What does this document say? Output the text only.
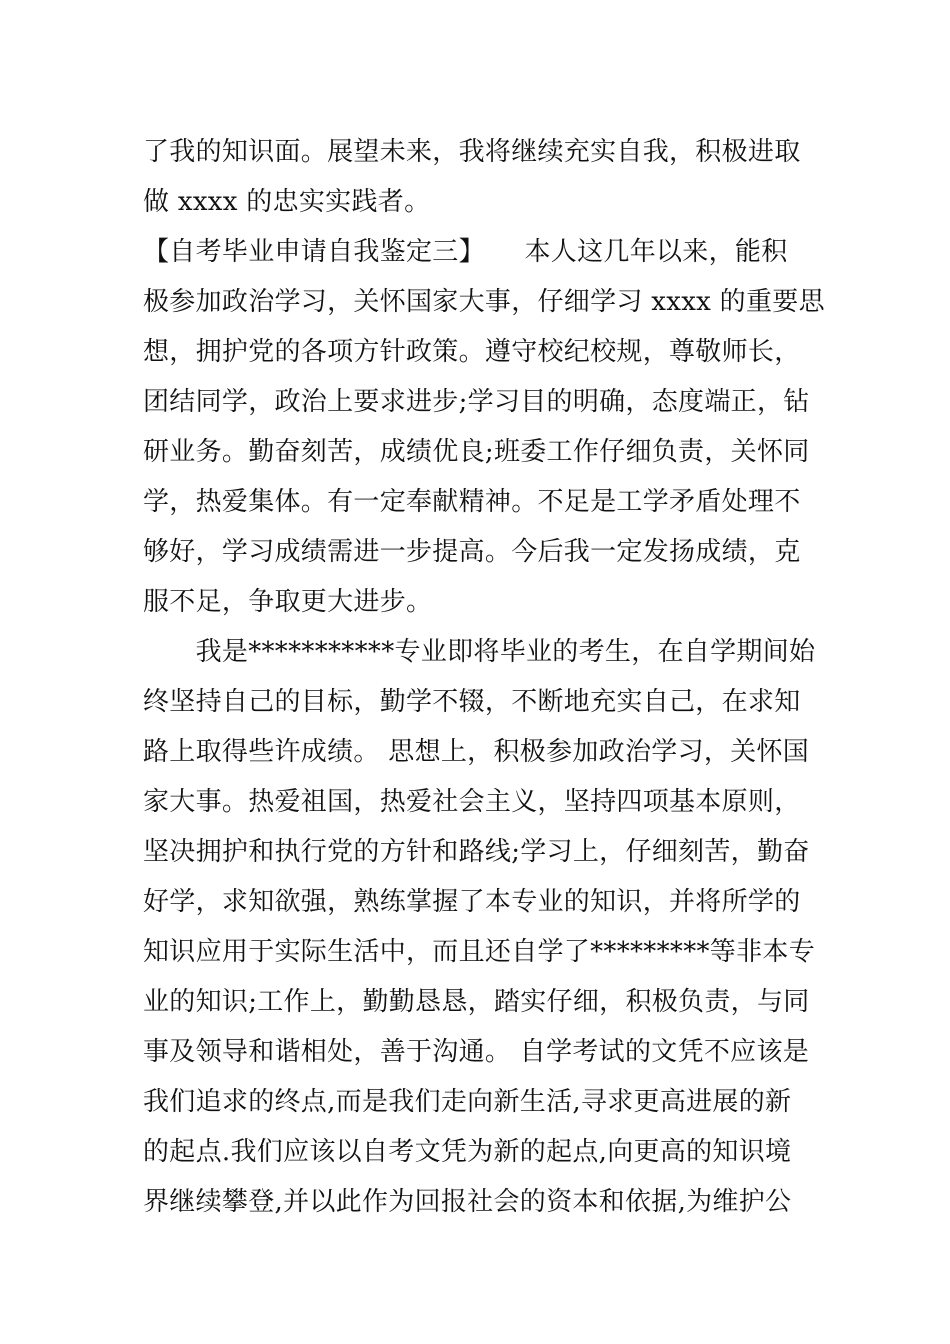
了我的知识面。展望未来，我将继续充实自我，积极进取
做 xxxx 的忠实实践者。
【自考毕业申请自我鉴定三】　　本人这几年以来，能积
极参加政治学习，关怀国家大事，仔细学习 xxxx 的重要思
想，拥护党的各项方针政策。遵守校纪校规，尊敬师长，
团结同学，政治上要求进步;学习目的明确，态度端正，钻
研业务。勤奋刻苦，成绩优良;班委工作仔细负责，关怀同
学，热爱集体。有一定奉献精神。不足是工学矛盾处理不
够好，学习成绩需进一步提高。今后我一定发扬成绩，克
服不足，争取更大进步。
　　我是***********专业即将毕业的考生，在自学期间始
终坚持自己的目标，勤学不辍，不断地充实自己，在求知
路上取得些许成绩。 思想上，积极参加政治学习，关怀国
家大事。热爱祖国，热爱社会主义，坚持四项基本原则，
坚决拥护和执行党的方针和路线;学习上，仔细刻苦，勤奋
好学，求知欲强，熟练掌握了本专业的知识，并将所学的
知识应用于实际生活中，而且还自学了*********等非本专
业的知识;工作上，勤勤恳恳，踏实仔细，积极负责，与同
事及领导和谐相处，善于沟通。 自学考试的文凭不应该是
我们追求的终点,而是我们走向新生活,寻求更高进展的新
的起点.我们应该以自考文凭为新的起点,向更高的知识境
界继续攀登,并以此作为回报社会的资本和依据,为维护公
